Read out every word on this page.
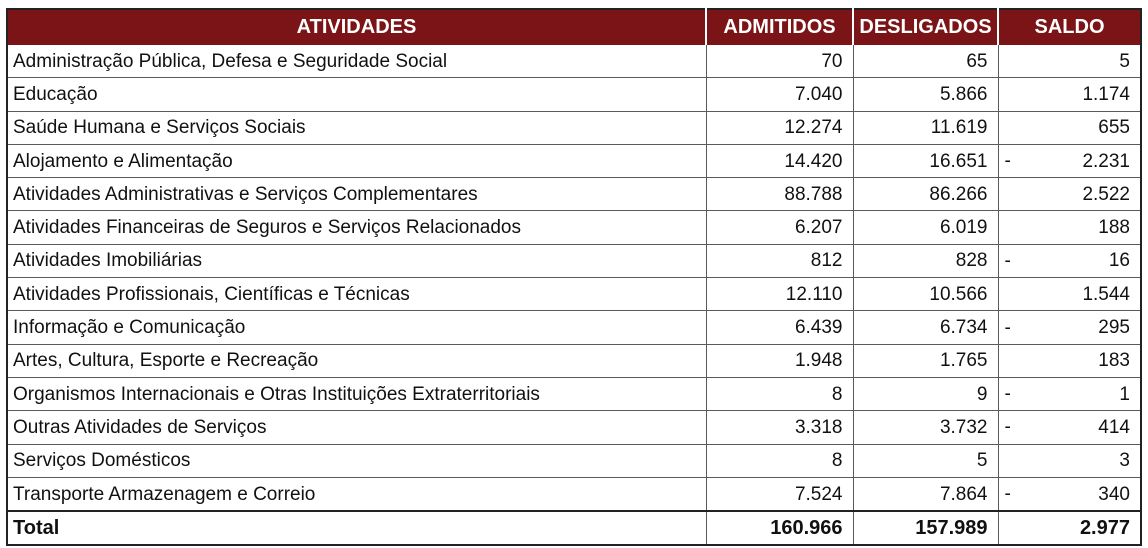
ATIVIDADES	ADMITIDOS	DESLIGADOS	SALDO
Administração Pública, Defesa e Seguridade Social	70	65	5
Educação	7.040	5.866	1.174
Saúde Humana e Serviços Sociais	12.274	11.619	655
Alojamento e Alimentação	14.420	16.651	- 2.231
Atividades Administrativas e Serviços Complementares	88.788	86.266	2.522
Atividades Financeiras de Seguros e Serviços Relacionados	6.207	6.019	188
Atividades Imobiliárias	812	828	- 16
Atividades Profissionais, Científicas e Técnicas	12.110	10.566	1.544
Informação e Comunicação	6.439	6.734	- 295
Artes, Cultura, Esporte e Recreação	1.948	1.765	183
Organismos Internacionais e Otras Instituições Extraterritoriais	8	9	- 1
Outras Atividades de Serviços	3.318	3.732	- 414
Serviços Domésticos	8	5	3
Transporte Armazenagem e Correio	7.524	7.864	- 340
Total	160.966	157.989	2.977
